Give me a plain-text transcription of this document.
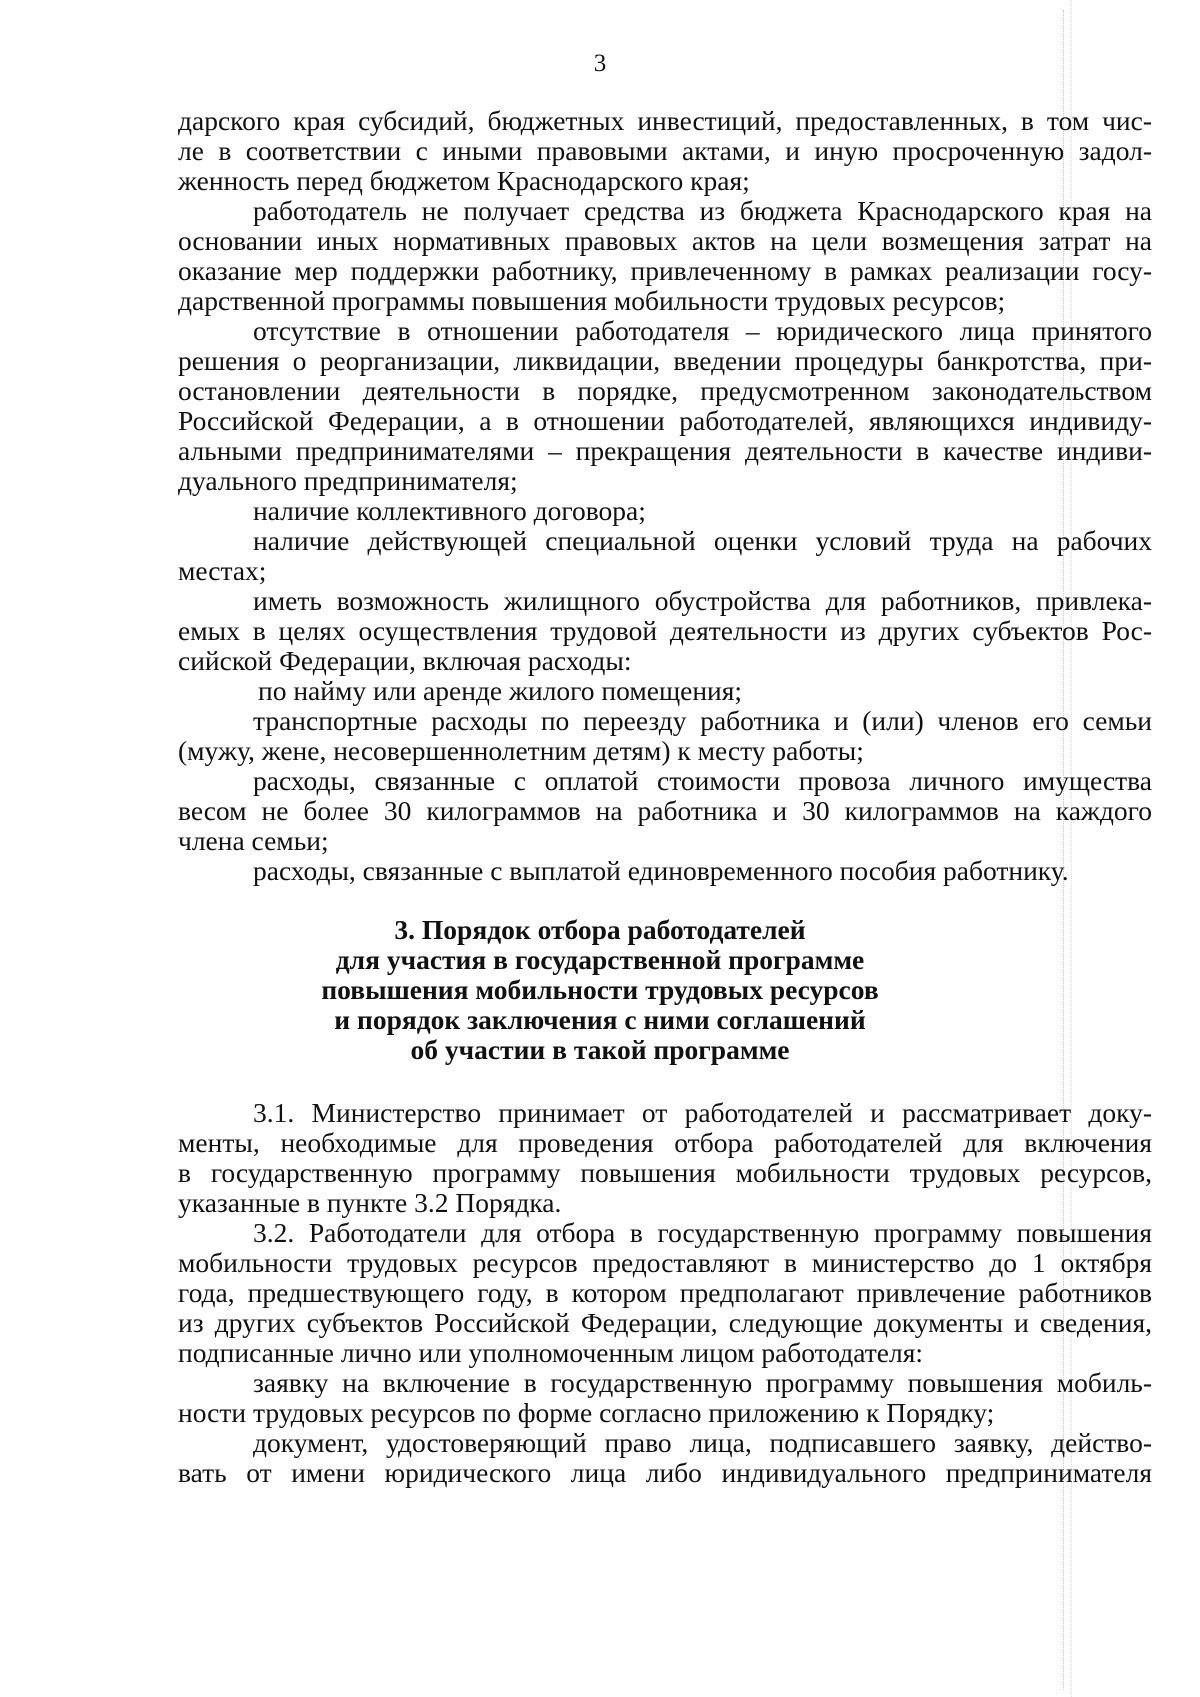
3
дарского края субсидий, бюджетных инвестиций, предоставленных, в том чис-
ле в соответствии с иными правовыми актами, и иную просроченную задол-
женность перед бюджетом Краснодарского края;
работодатель не получает средства из бюджета Краснодарского края на
основании иных нормативных правовых актов на цели возмещения затрат на
оказание мер поддержки работнику, привлеченному в рамках реализации госу-
дарственной программы повышения мобильности трудовых ресурсов;
отсутствие в отношении работодателя – юридического лица принятого
решения о реорганизации, ликвидации, введении процедуры банкротства, при-
остановлении деятельности в порядке, предусмотренном законодательством
Российской Федерации, а в отношении работодателей, являющихся индивиду-
альными предпринимателями – прекращения деятельности в качестве индиви-
дуального предпринимателя;
наличие коллективного договора;
наличие действующей специальной оценки условий труда на рабочих
местах;
иметь возможность жилищного обустройства для работников, привлека-
емых в целях осуществления трудовой деятельности из других субъектов Рос-
сийской Федерации, включая расходы:
по найму или аренде жилого помещения;
транспортные расходы по переезду работника и (или) членов его семьи
(мужу, жене, несовершеннолетним детям) к месту работы;
расходы, связанные с оплатой стоимости провоза личного имущества
весом не более 30 килограммов на работника и 30 килограммов на каждого
члена семьи;
расходы, связанные с выплатой единовременного пособия работнику.
3. Порядок отбора работодателей
для участия в государственной программе
повышения мобильности трудовых ресурсов
и порядок заключения с ними соглашений
об участии в такой программе
3.1. Министерство принимает от работодателей и рассматривает доку-
менты, необходимые для проведения отбора работодателей для включения
в государственную программу повышения мобильности трудовых ресурсов,
указанные в пункте 3.2 Порядка.
3.2. Работодатели для отбора в государственную программу повышения
мобильности трудовых ресурсов предоставляют в министерство до 1 октября
года, предшествующего году, в котором предполагают привлечение работников
из других субъектов Российской Федерации, следующие документы и сведения,
подписанные лично или уполномоченным лицом работодателя:
заявку на включение в государственную программу повышения мобиль-
ности трудовых ресурсов по форме согласно приложению к Порядку;
документ, удостоверяющий право лица, подписавшего заявку, действо-
вать от имени юридического лица либо индивидуального предпринимателя
